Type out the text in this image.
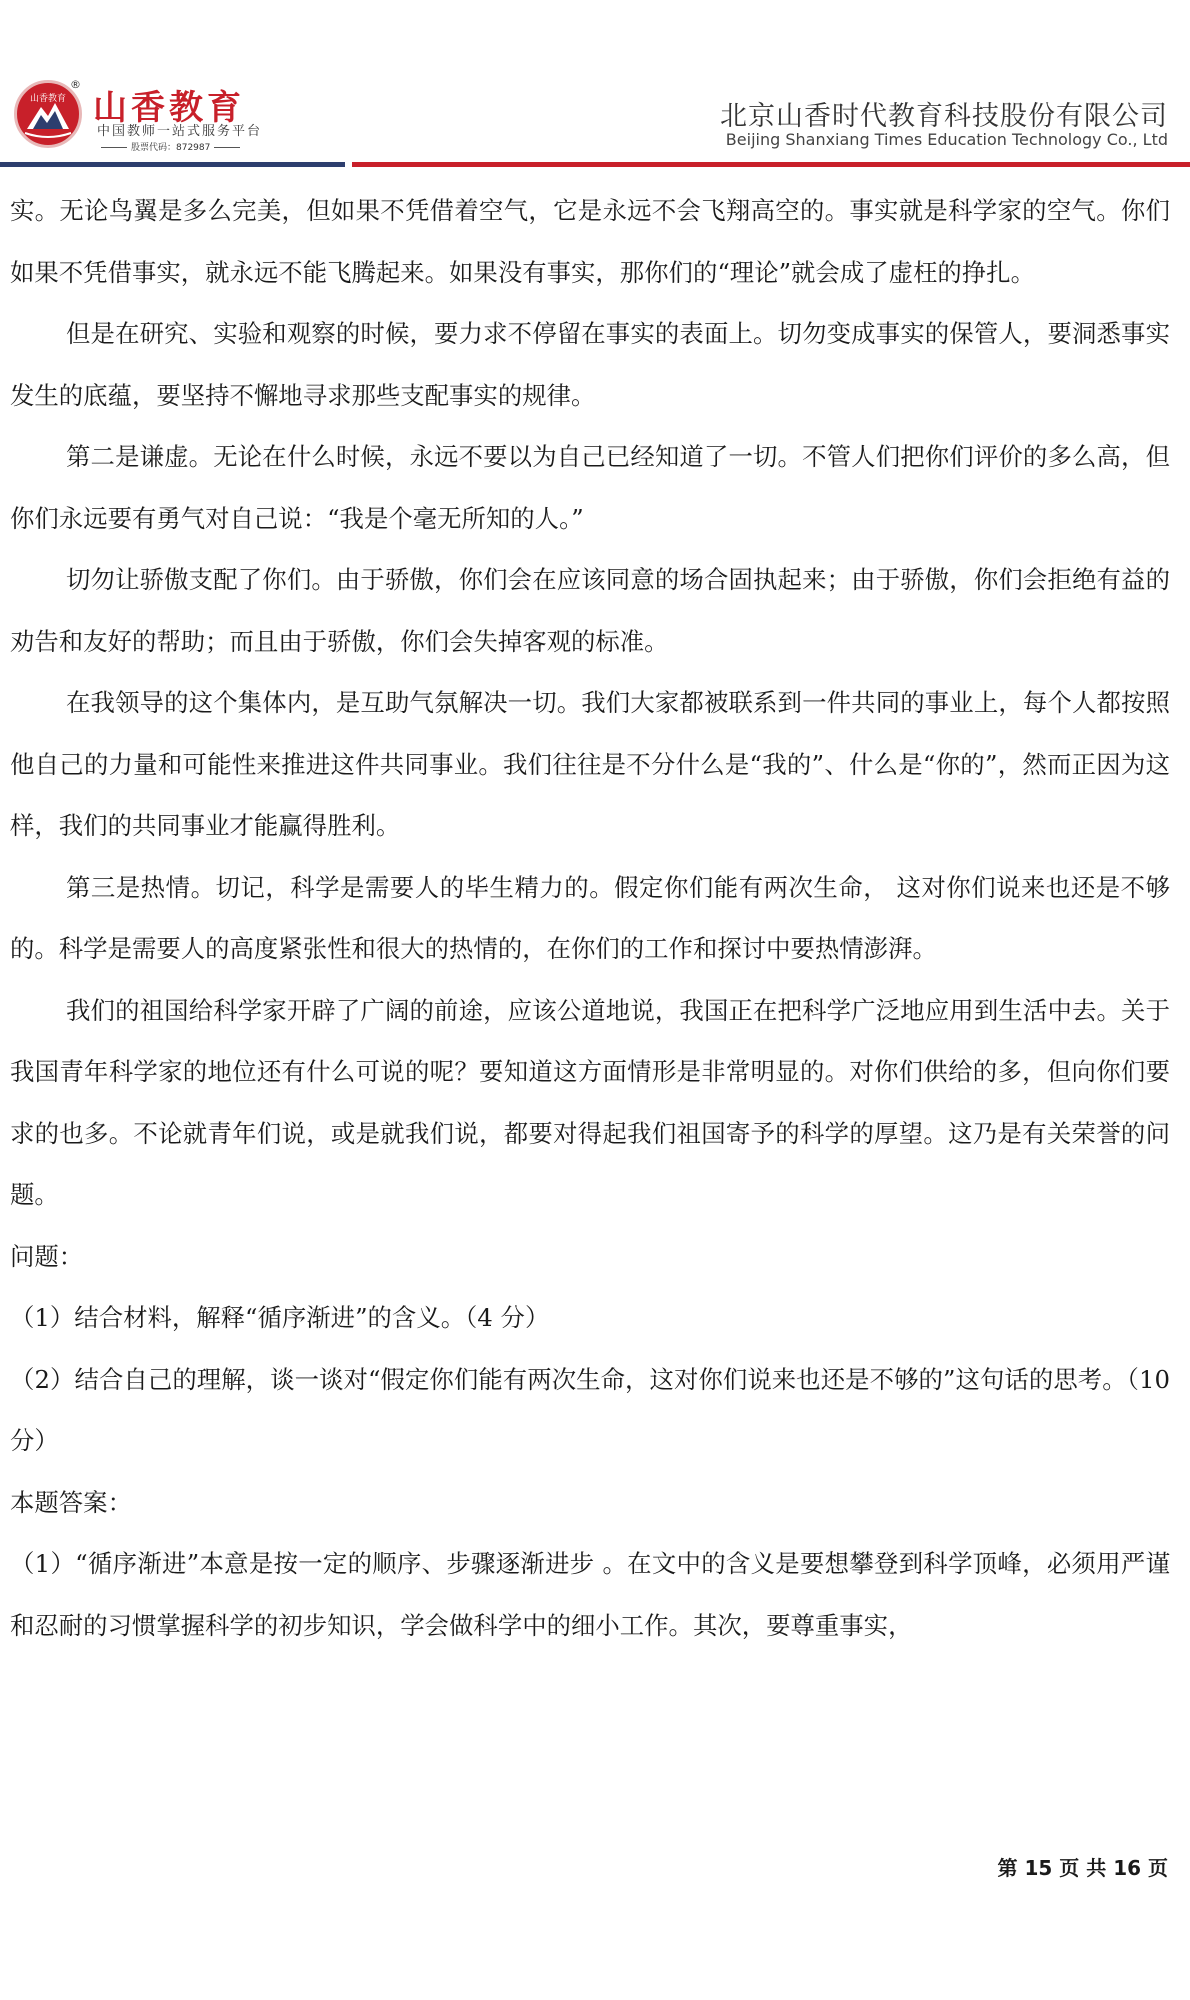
山香教育
®
山香教育
中国教师一站式服务平台
股票代码：872987
北京山香时代教育科技股份有限公司
Beijing Shanxiang Times Education Technology Co., Ltd

实。无论鸟翼是多么完美，但如果不凭借着空气，它是永远不会飞翔高空的。事实就是科学家的空气。你们如果不凭借事实，就永远不能飞腾起来。如果没有事实，那你们的“理论”就会成了虚枉的挣扎。

但是在研究、实验和观察的时候，要力求不停留在事实的表面上。切勿变成事实的保管人，要洞悉事实发生的底蕴，要坚持不懈地寻求那些支配事实的规律。

第二是谦虚。无论在什么时候，永远不要以为自己已经知道了一切。不管人们把你们评价的多么高，但你们永远要有勇气对自己说：“我是个毫无所知的人。”

切勿让骄傲支配了你们。由于骄傲，你们会在应该同意的场合固执起来；由于骄傲，你们会拒绝有益的劝告和友好的帮助；而且由于骄傲，你们会失掉客观的标准。

在我领导的这个集体内，是互助气氛解决一切。我们大家都被联系到一件共同的事业上，每个人都按照他自己的力量和可能性来推进这件共同事业。我们往往是不分什么是“我的”、什么是“你的”，然而正因为这样，我们的共同事业才能赢得胜利。

第三是热情。切记，科学是需要人的毕生精力的。假定你们能有两次生命， 这对你们说来也还是不够的。科学是需要人的高度紧张性和很大的热情的，在你们的工作和探讨中要热情澎湃。

我们的祖国给科学家开辟了广阔的前途，应该公道地说，我国正在把科学广泛地应用到生活中去。关于我国青年科学家的地位还有什么可说的呢？要知道这方面情形是非常明显的。对你们供给的多，但向你们要求的也多。不论就青年们说，或是就我们说，都要对得起我们祖国寄予的科学的厚望。这乃是有关荣誉的问题。

问题：

（1）结合材料，解释“循序渐进”的含义。（4 分）

（2）结合自己的理解，谈一谈对“假定你们能有两次生命，这对你们说来也还是不够的”这句话的思考。（10 分）

本题答案：

（1）“循序渐进”本意是按一定的顺序、步骤逐渐进步 。在文中的含义是要想攀登到科学顶峰，必须用严谨和忍耐的习惯掌握科学的初步知识，学会做科学中的细小工作。其次，要尊重事实，

第 15 页 共 16 页
